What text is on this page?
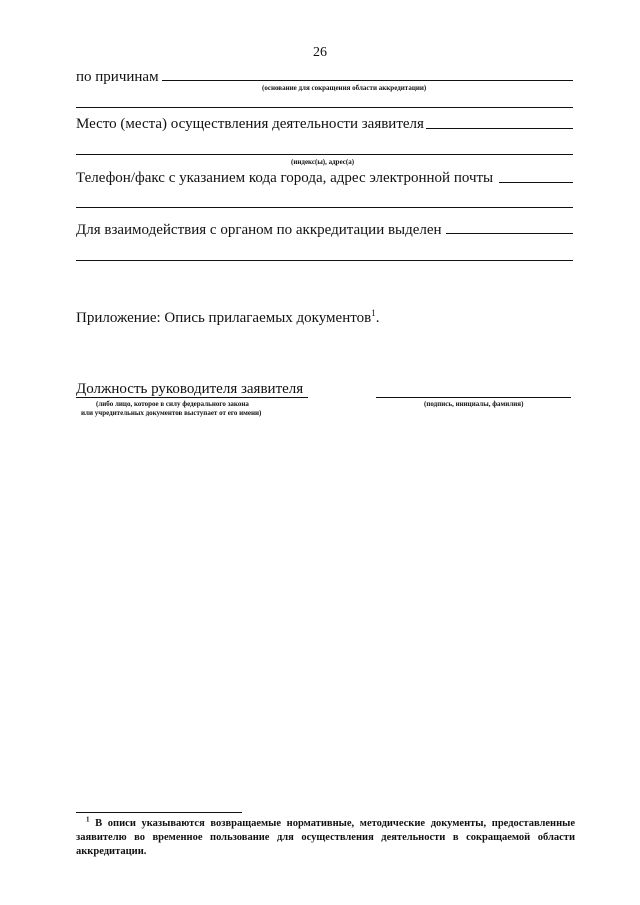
26
по причинам
(основание для сокращения области аккредитации)
Место (места) осуществления деятельности заявителя
(индекс(ы), адрес(а)
Телефон/факс с указанием кода города, адрес электронной почты
Для взаимодействия с органом по аккредитации выделен
Приложение: Опись прилагаемых документов$^1$.
Должность руководителя заявителя
(либо лицо, которое в силу федерального закона
или учредительных документов выступает от его имени)
(подпись, инициалы, фамилия)
$^1$ В описи указываются возвращаемые нормативные, методические документы, предоставленные заявителю во временное пользование для осуществления деятельности в сокращаемой области аккредитации.
